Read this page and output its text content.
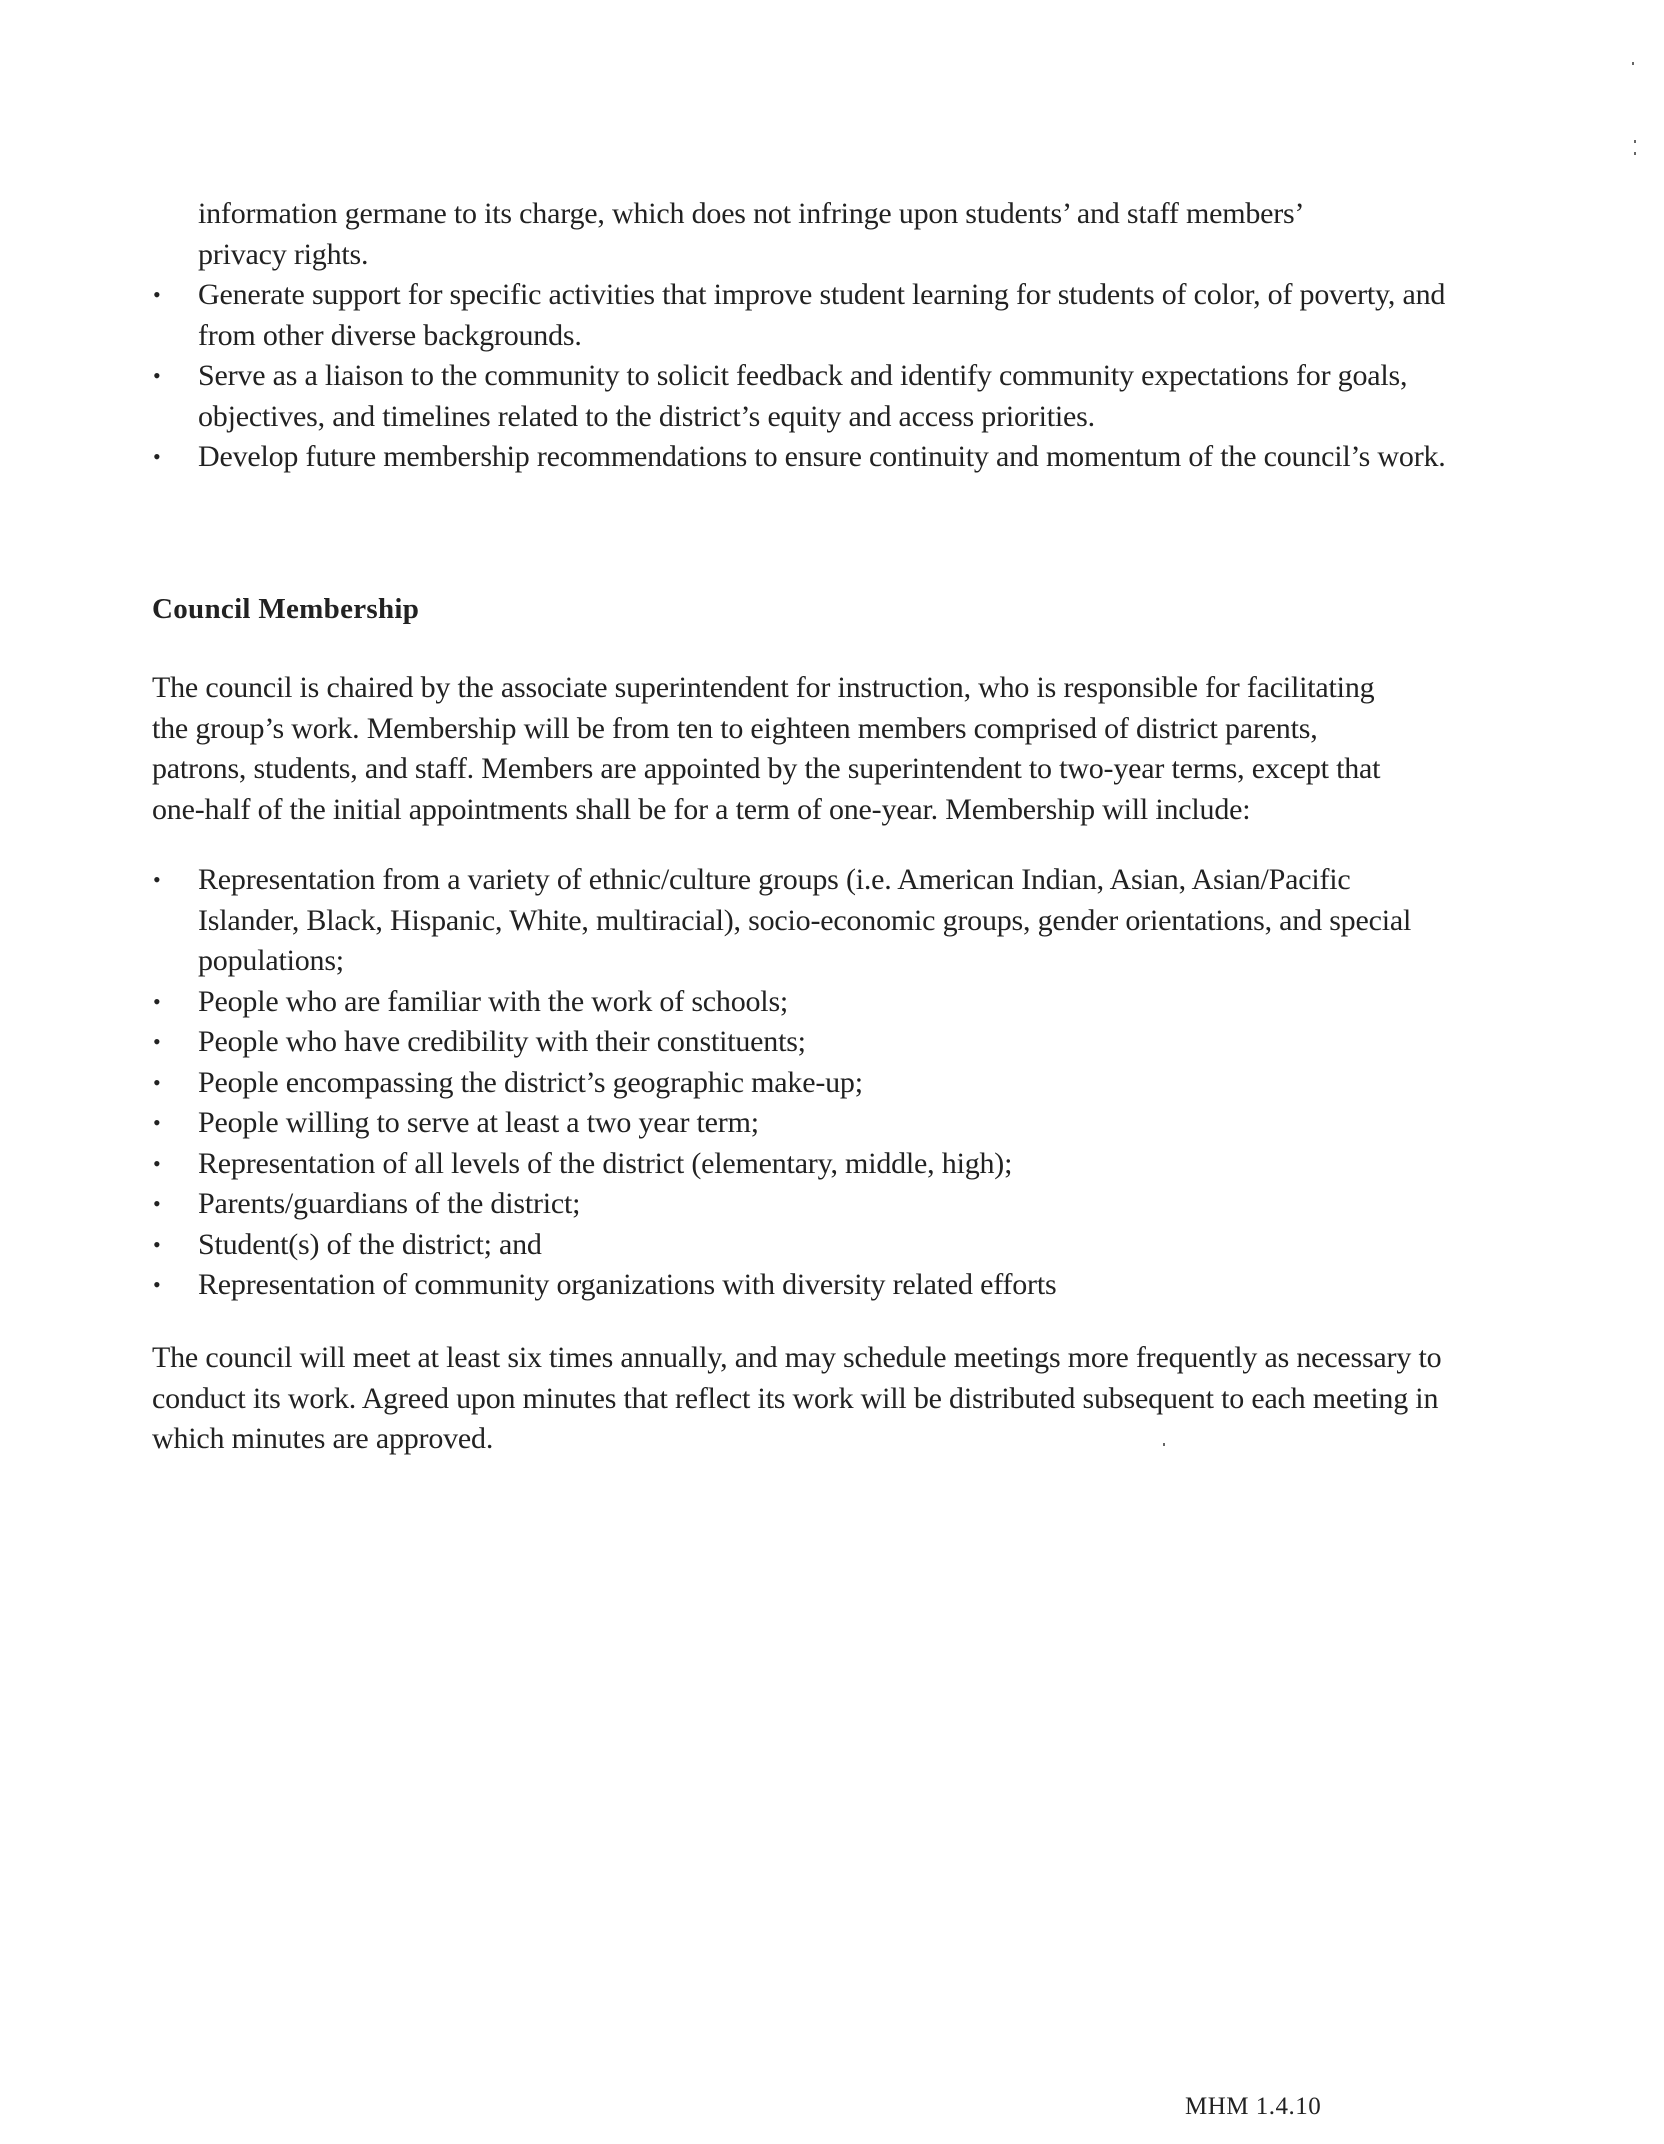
information germane to its charge, which does not infringe upon students’ and staff members’ privacy rights.
• Generate support for specific activities that improve student learning for students of color, of poverty, and from other diverse backgrounds.
• Serve as a liaison to the community to solicit feedback and identify community expectations for goals, objectives, and timelines related to the district’s equity and access priorities.
• Develop future membership recommendations to ensure continuity and momentum of the council’s work.
Council Membership
The council is chaired by the associate superintendent for instruction, who is responsible for facilitating the group’s work. Membership will be from ten to eighteen members comprised of district parents, patrons, students, and staff. Members are appointed by the superintendent to two-year terms, except that one-half of the initial appointments shall be for a term of one-year. Membership will include:
• Representation from a variety of ethnic/culture groups (i.e. American Indian, Asian, Asian/Pacific Islander, Black, Hispanic, White, multiracial), socio-economic groups, gender orientations, and special populations;
• People who are familiar with the work of schools;
• People who have credibility with their constituents;
• People encompassing the district’s geographic make-up;
• People willing to serve at least a two year term;
• Representation of all levels of the district (elementary, middle, high);
• Parents/guardians of the district;
• Student(s) of the district; and
• Representation of community organizations with diversity related efforts
The council will meet at least six times annually, and may schedule meetings more frequently as necessary to conduct its work. Agreed upon minutes that reflect its work will be distributed subsequent to each meeting in which minutes are approved.
MHM 1.4.10
